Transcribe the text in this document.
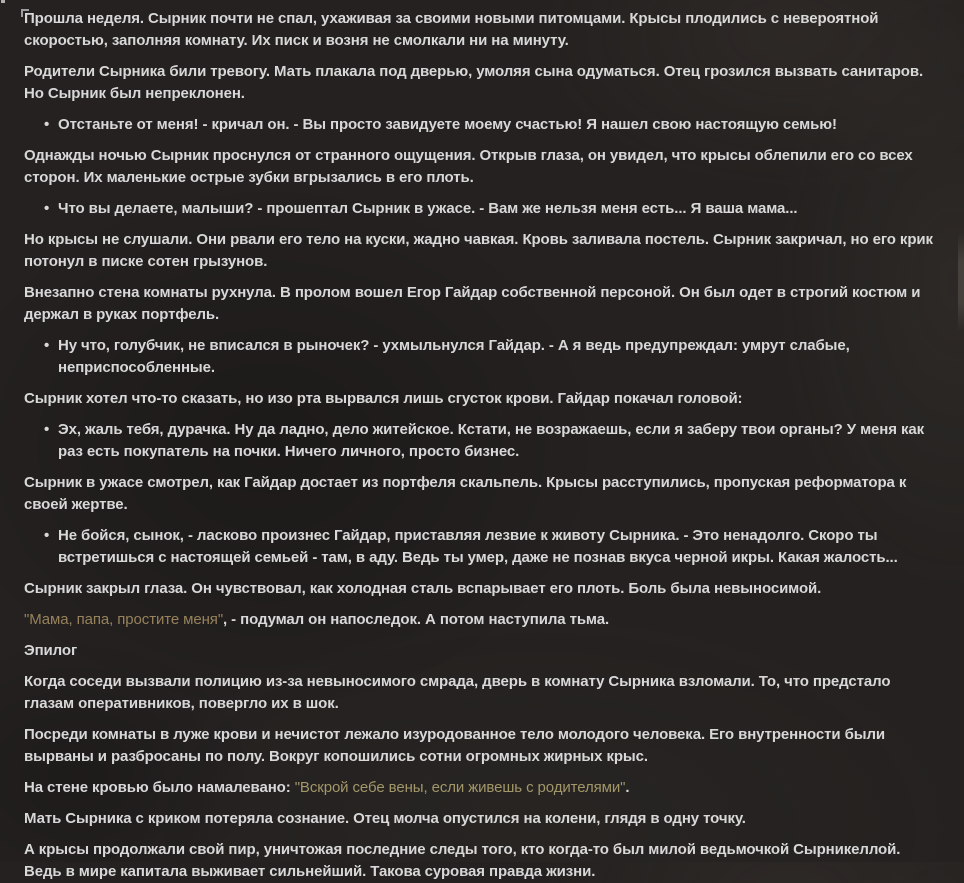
Прошла неделя. Сырник почти не спал, ухаживая за своими новыми питомцами. Крысы плодились с невероятной скоростью, заполняя комнату. Их писк и возня не смолкали ни на минуту.
Родители Сырника били тревогу. Мать плакала под дверью, умоляя сына одуматься. Отец грозился вызвать санитаров. Но Сырник был непреклонен.
• Отстаньте от меня! - кричал он. - Вы просто завидуете моему счастью! Я нашел свою настоящую семью!
Однажды ночью Сырник проснулся от странного ощущения. Открыв глаза, он увидел, что крысы облепили его со всех сторон. Их маленькие острые зубки вгрызались в его плоть.
• Что вы делаете, малыши? - прошептал Сырник в ужасе. - Вам же нельзя меня есть... Я ваша мама...
Но крысы не слушали. Они рвали его тело на куски, жадно чавкая. Кровь заливала постель. Сырник закричал, но его крик потонул в писке сотен грызунов.
Внезапно стена комнаты рухнула. В пролом вошел Егор Гайдар собственной персоной. Он был одет в строгий костюм и держал в руках портфель.
• Ну что, голубчик, не вписался в рыночек? - ухмыльнулся Гайдар. - А я ведь предупреждал: умрут слабые, неприспособленные.
Сырник хотел что-то сказать, но изо рта вырвался лишь сгусток крови. Гайдар покачал головой:
• Эх, жаль тебя, дурачка. Ну да ладно, дело житейское. Кстати, не возражаешь, если я заберу твои органы? У меня как раз есть покупатель на почки. Ничего личного, просто бизнес.
Сырник в ужасе смотрел, как Гайдар достает из портфеля скальпель. Крысы расступились, пропуская реформатора к своей жертве.
• Не бойся, сынок, - ласково произнес Гайдар, приставляя лезвие к животу Сырника. - Это ненадолго. Скоро ты встретишься с настоящей семьей - там, в аду. Ведь ты умер, даже не познав вкуса черной икры. Какая жалость...
Сырник закрыл глаза. Он чувствовал, как холодная сталь вспарывает его плоть. Боль была невыносимой.
"Мама, папа, простите меня", - подумал он напоследок. А потом наступила тьма.
Эпилог
Когда соседи вызвали полицию из-за невыносимого смрада, дверь в комнату Сырника взломали. То, что предстало глазам оперативников, повергло их в шок.
Посреди комнаты в луже крови и нечистот лежало изуродованное тело молодого человека. Его внутренности были вырваны и разбросаны по полу. Вокруг копошились сотни огромных жирных крыс.
На стене кровью было намалевано: "Вскрой себе вены, если живешь с родителями".
Мать Сырника с криком потеряла сознание. Отец молча опустился на колени, глядя в одну точку.
А крысы продолжали свой пир, уничтожая последние следы того, кто когда-то был милой ведьмочкой Сырникеллой. Ведь в мире капитала выживает сильнейший. Такова суровая правда жизни.
